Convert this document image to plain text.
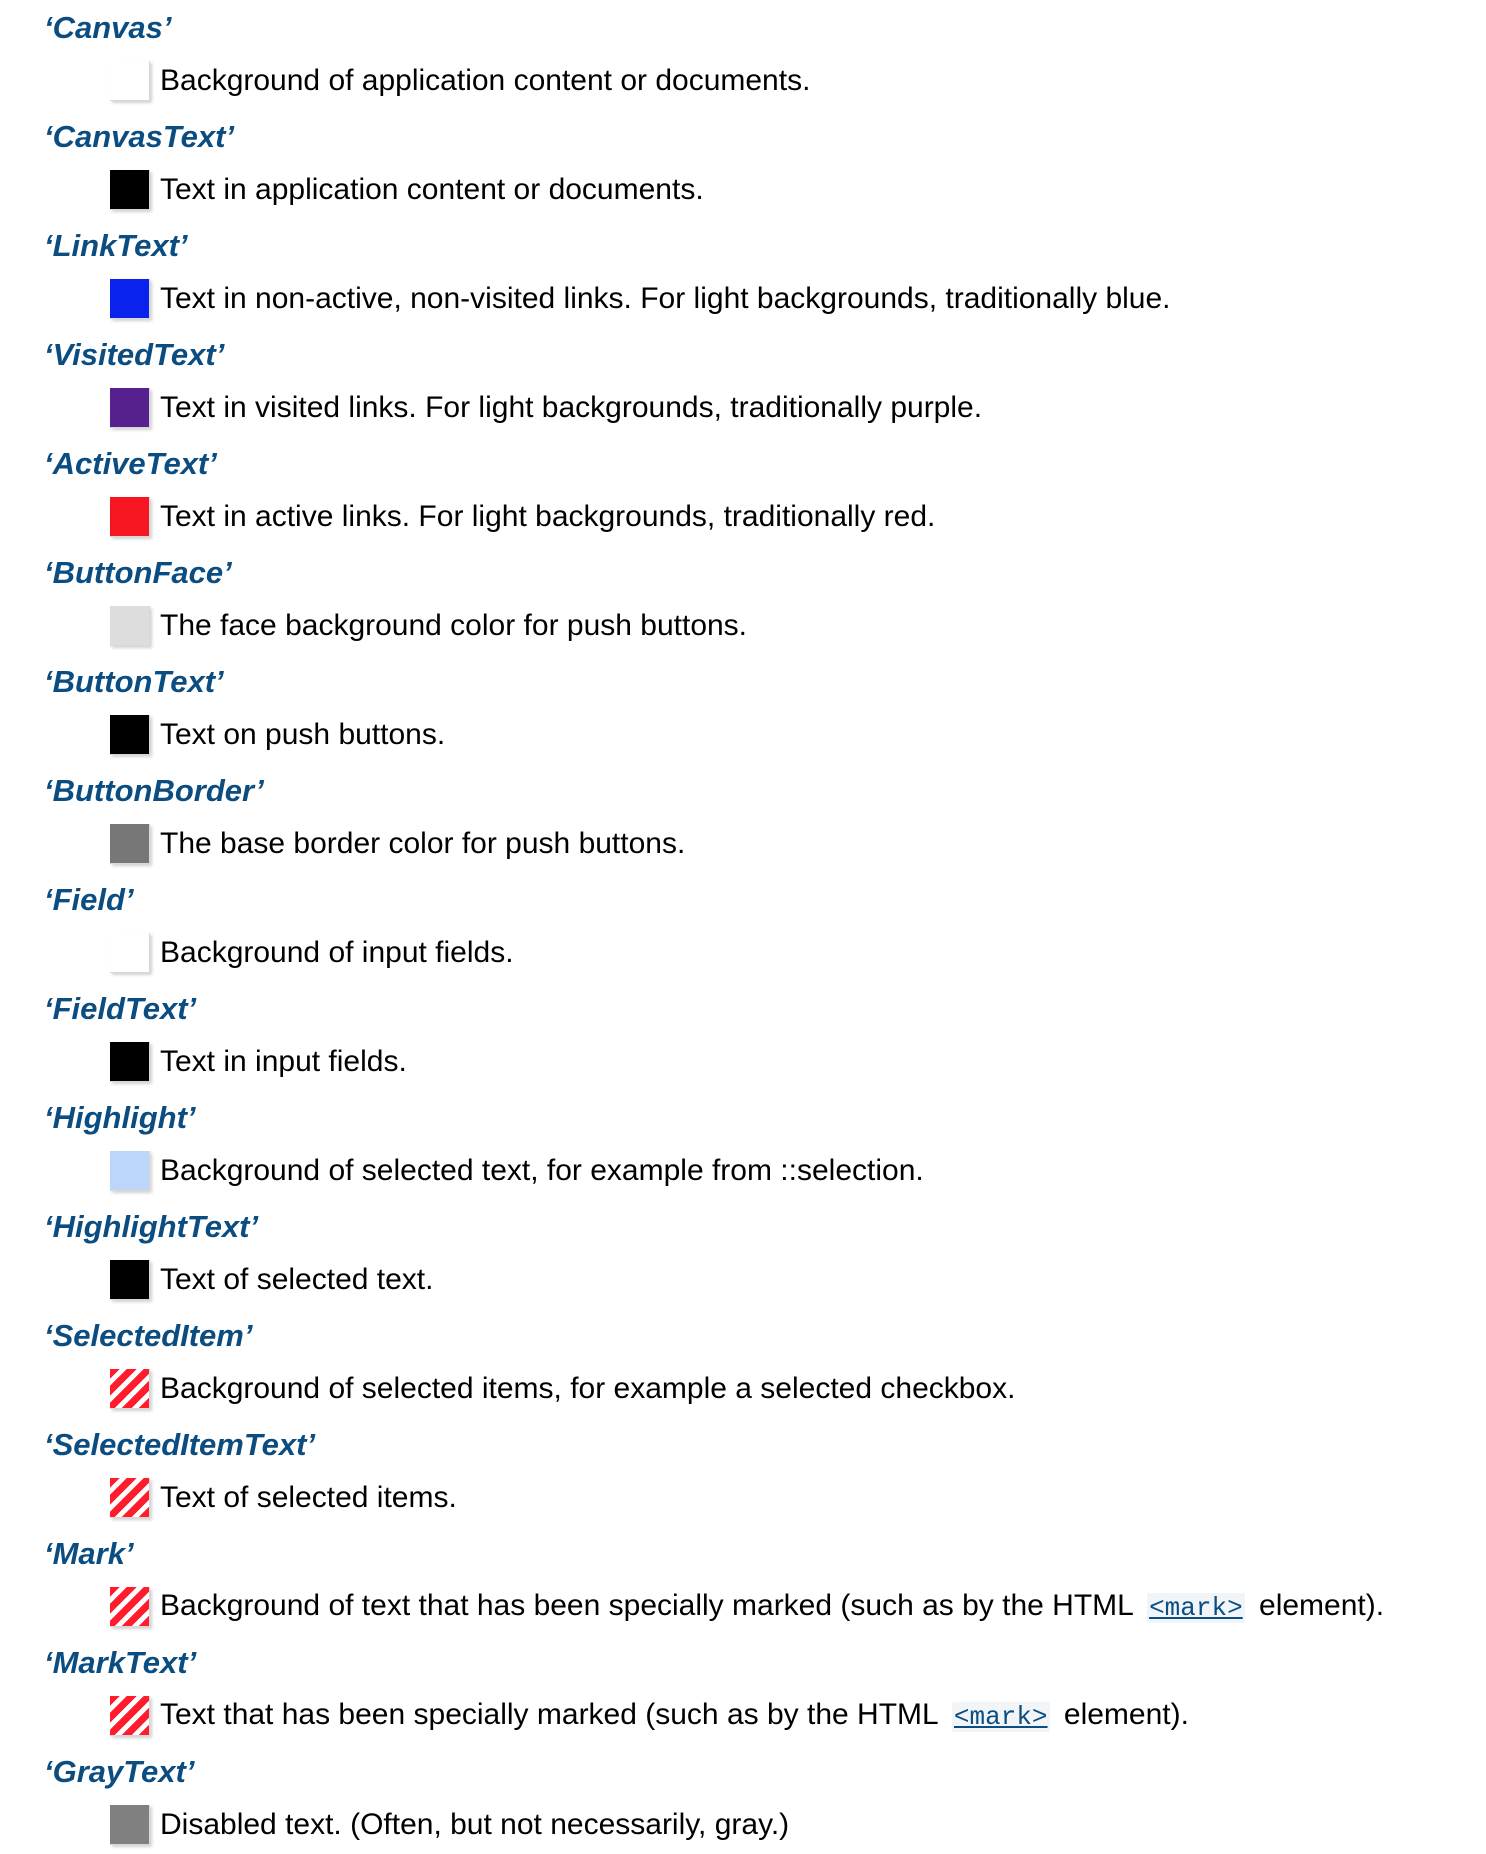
‘Canvas’
Background of application content or documents.
‘CanvasText’
Text in application content or documents.
‘LinkText’
Text in non-active, non-visited links. For light backgrounds, traditionally blue.
‘VisitedText’
Text in visited links. For light backgrounds, traditionally purple.
‘ActiveText’
Text in active links. For light backgrounds, traditionally red.
‘ButtonFace’
The face background color for push buttons.
‘ButtonText’
Text on push buttons.
‘ButtonBorder’
The base border color for push buttons.
‘Field’
Background of input fields.
‘FieldText’
Text in input fields.
‘Highlight’
Background of selected text, for example from ::selection.
‘HighlightText’
Text of selected text.
‘SelectedItem’
Background of selected items, for example a selected checkbox.
‘SelectedItemText’
Text of selected items.
‘Mark’
Background of text that has been specially marked (such as by the HTML <mark> element).
‘MarkText’
Text that has been specially marked (such as by the HTML <mark> element).
‘GrayText’
Disabled text. (Often, but not necessarily, gray.)
